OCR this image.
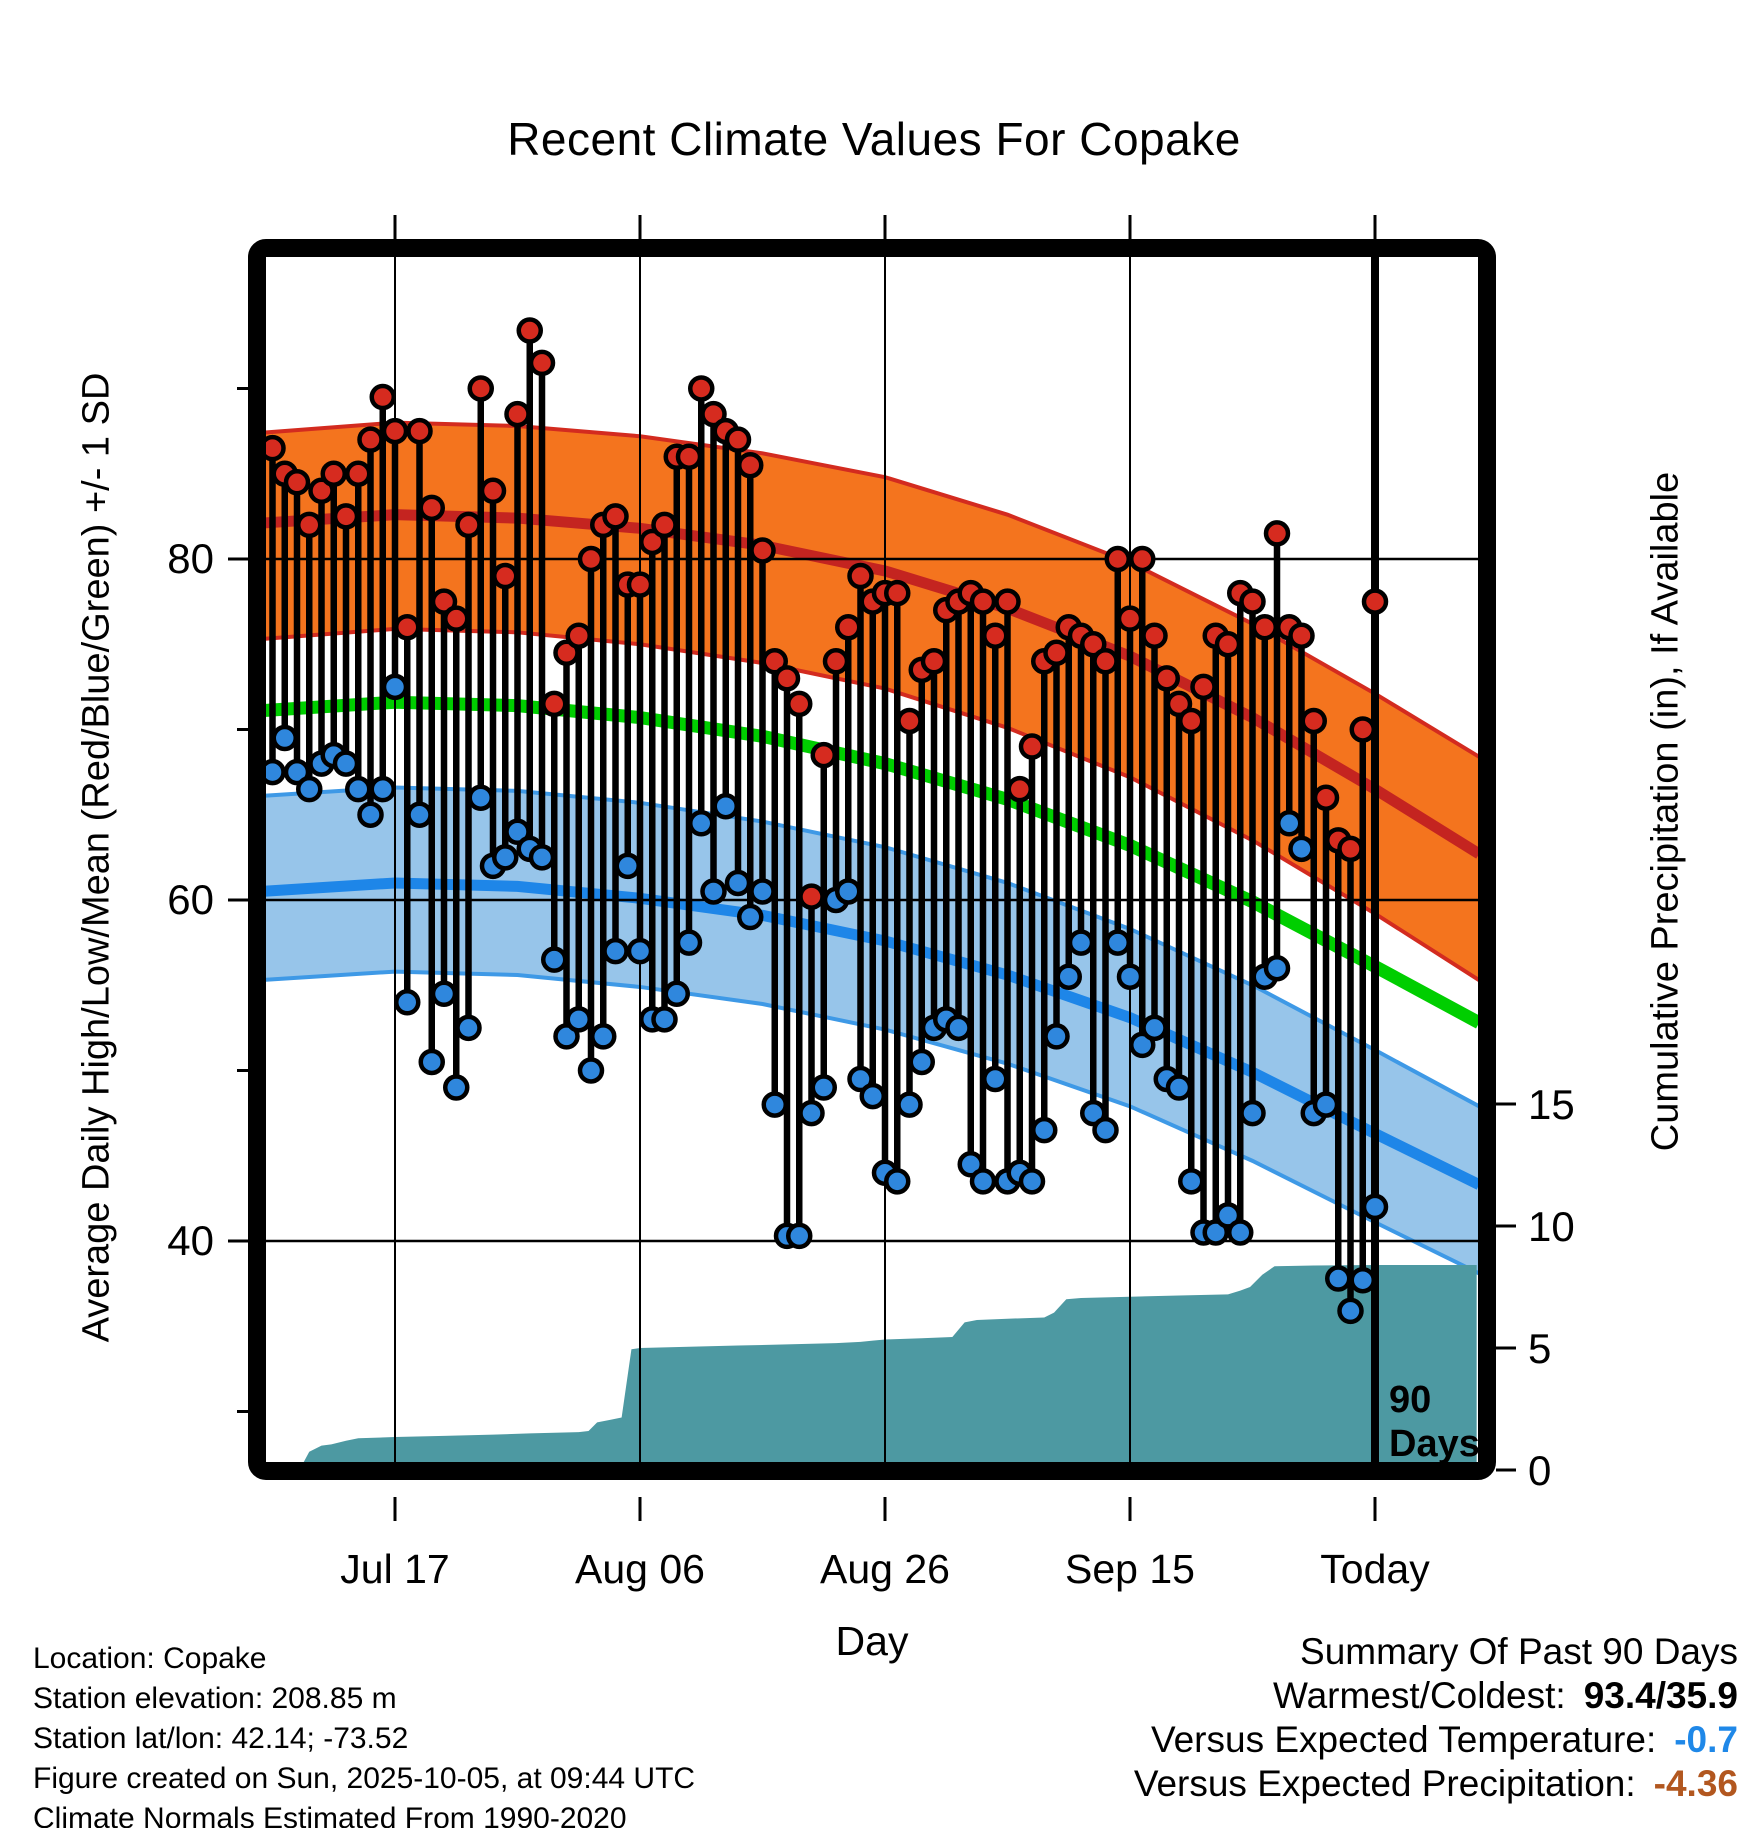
40
60
80
0
5
10
15
Jul 17	Aug 06	Aug 26	Sep 15	Today
90
Days
Recent Climate Values For Copake
Average Daily High/Low/Mean (Red/Blue/Green) +/- 1 SD	Cumulative Precipitation (in), If Available
Day
Location: Copake
Station elevation: 208.85 m
Station lat/lon: 42.14; -73.52
Figure created on Sun, 2025-10-05, at 09:44 UTC
Climate Normals Estimated From 1990-2020
Summary Of Past 90 Days
Warmest/Coldest: 93.4/35.9
Versus Expected Temperature: -0.7
Versus Expected Precipitation: -4.36
